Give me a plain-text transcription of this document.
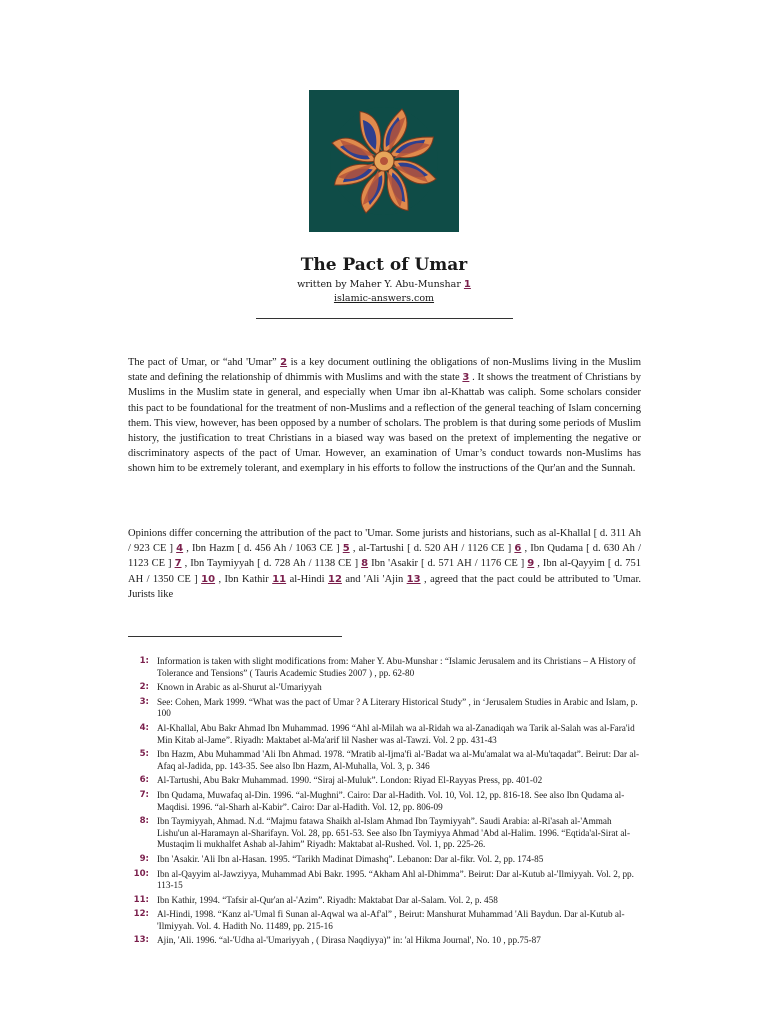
The Pact of Umar
written by Maher Y. Abu-Munshar 1
islamic-answers.com
The pact of Umar, or “ahd 'Umar” 2 is a key document outlining the obligations of non-Muslims living in the Muslim state and defining the relationship of dhimmis with Muslims and with the state 3 . It shows the treatment of Christians by Muslims in the Muslim state in general, and especially when Umar ibn al-Khattab was caliph. Some scholars consider this pact to be foundational for the treatment of non-Muslims and a reflection of the general teaching of Islam concerning them. This view, however, has been opposed by a number of scholars. The problem is that during some periods of Muslim history, the justification to treat Christians in a biased way was based on the pretext of implementing the negative or discriminatory aspects of the pact of Umar. However, an examination of Umar’s conduct towards non-Muslims has shown him to be extremely tolerant, and exemplary in his efforts to follow the instructions of the Qur'an and the Sunnah.
Opinions differ concerning the attribution of the pact to 'Umar. Some jurists and historians, such as al-Khallal [ d. 311 Ah / 923 CE ] 4 , Ibn Hazm [ d. 456 Ah / 1063 CE ] 5 , al-Tartushi [ d. 520 AH / 1126 CE ] 6 , Ibn Qudama [ d. 630 Ah / 1123 CE ] 7 , Ibn Taymiyyah [ d. 728 Ah / 1138 CE ] 8 Ibn 'Asakir [ d. 571 AH / 1176 CE ] 9 , Ibn al-Qayyim [ d. 751 AH / 1350 CE ] 10 , Ibn Kathir 11 al-Hindi 12 and 'Ali 'Ajin 13 , agreed that the pact could be attributed to 'Umar. Jurists like
1: Information is taken with slight modifications from: Maher Y. Abu-Munshar : “Islamic Jerusalem and its Christians – A History of Tolerance and Tensions” ( Tauris Academic Studies 2007 ) , pp. 62-80
2: Known in Arabic as al-Shurut al-'Umariyyah
3: See: Cohen, Mark 1999. “What was the pact of Umar ? A Literary Historical Study” , in ‘Jerusalem Studies in Arabic and Islam, p. 100
4: Al-Khallal, Abu Bakr Ahmad Ibn Muhammad. 1996 “Ahl al-Milah wa al-Ridah wa al-Zanadiqah wa Tarik al-Salah was al-Fara'id Min Kitab al-Jame”. Riyadh: Maktabet al-Ma'arif lil Nasher was al-Tawzi. Vol. 2 pp. 431-43
5: Ibn Hazm, Abu Muhammad 'Ali Ibn Ahmad. 1978. “Mratib al-Ijma'fi al-'Badat wa al-Mu'amalat wa al-Mu'taqadat”. Beirut: Dar al-Afaq al-Jadida, pp. 143-35. See also Ibn Hazm, Al-Muhalla, Vol. 3, p. 346
6: Al-Tartushi, Abu Bakr Muhammad. 1990. “Siraj al-Muluk”. London: Riyad El-Rayyas Press, pp. 401-02
7: Ibn Qudama, Muwafaq al-Din. 1996. “al-Mughni”. Cairo: Dar al-Hadith. Vol. 10, Vol. 12, pp. 816-18. See also Ibn Qudama al-Maqdisi. 1996. “al-Sharh al-Kabir”. Cairo: Dar al-Hadith. Vol. 12, pp. 806-09
8: Ibn Taymiyyah, Ahmad. N.d. “Majmu fatawa Shaikh al-Islam Ahmad Ibn Taymiyyah”. Saudi Arabia: al-Ri'asah al-'Ammah Lishu'un al-Haramayn al-Sharifayn. Vol. 28, pp. 651-53. See also Ibn Taymiyya Ahmad 'Abd al-Halim. 1996. “Eqtida'al-Sirat al-Mustaqim li mukhalfet Ashab al-Jahim” Riyadh: Maktabat al-Rushed. Vol. 1, pp. 225-26.
9: Ibn 'Asakir. 'Ali Ibn al-Hasan. 1995. “Tarikh Madinat Dimashq”. Lebanon: Dar al-fikr. Vol. 2, pp. 174-85
10: Ibn al-Qayyim al-Jawziyya, Muhammad Abi Bakr. 1995. “Akham Ahl al-Dhimma”. Beirut: Dar al-Kutub al-'Ilmiyyah. Vol. 2, pp. 113-15
11: Ibn Kathir, 1994. “Tafsir al-Qur'an al-'Azim”. Riyadh: Maktabat Dar al-Salam. Vol. 2, p. 458
12: Al-Hindi, 1998. “Kanz al-'Umal fi Sunan al-Aqwal wa al-Af'al” , Beirut: Manshurat Muhammad 'Ali Baydun. Dar al-Kutub al-'Ilmiyyah. Vol. 4. Hadith No. 11489, pp. 215-16
13: Ajin, 'Ali. 1996. “al-'Udha al-'Umariyyah , ( Dirasa Naqdiyya)” in: 'al Hikma Journal', No. 10 , pp.75-87
